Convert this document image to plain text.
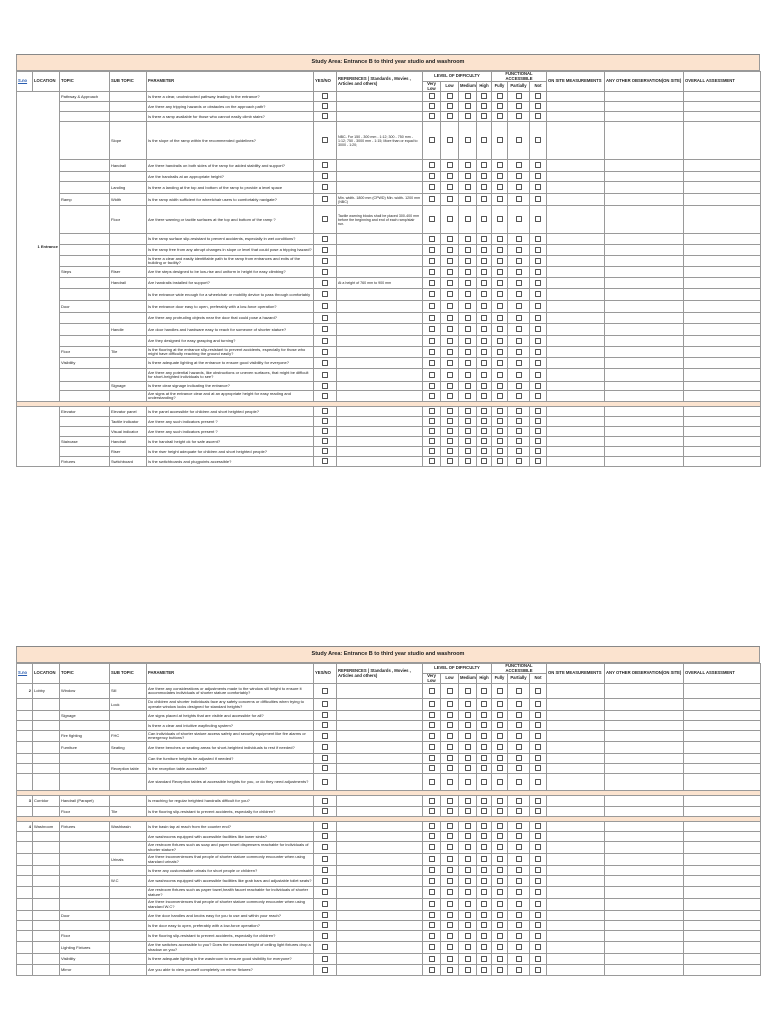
Study Area: Entrance B to third year studio and washroom
S.no	LOCATION	TOPIC	SUB TOPIC	PARAMETER	YES/NO	REFERENCES ( Standards , Movies , Articles and others)	LEVEL OF DIFFICULTY				FUNCTIONAL ACCESSIBLE			ON SITE MEASUREMENTS	ANY OTHER OBSERVATION(ON SITE)	OVERALL ASSESSMENT
							Very Low	Low	Medium	High	Fully	Partially	Not			
1 Entrance		Pathway & Approach		Is there a clear, unobstructed pathway leading to the entrance?												
				Are there any tripping hazards or obstacles on the approach path?												
				Is there a ramp available for those who cannot easily climb stairs?												
			Slope	Is the slope of the ramp within the recommended guidelines?		NBC- For 150 - 300 mm - 1:12; 300 - 750 mm - 1:12; 750 - 3000 mm - 1:15; More than or equal to 3000 - 1:20;										
			Handrail	Are there handrails on both sides of the ramp for added stability and support?												
				Are the handrails at an appropriate height?												
			Landing	Is there a landing at the top and bottom of the ramp to provide a level space												
		Ramp	Width	Is the ramp width sufficient for wheelchair users to comfortably navigate?		Min. width- 1800 mm (CPWD) Min. width- 1200 mm (NBC)										
			Floor	Are there warning or tactile surfaces at the top and bottom of the ramp ?		Tactile warning blocks shall be placed 300-400 mm before the beginning and end of each ramp/stair run.										
				Is the ramp surface slip-resistant to prevent accidents, especially in wet conditions?												
				Is the ramp free from any abrupt changes in slope or level that could pose a tripping hazard?												
				Is there a clear and easily identifiable path to the ramp from entrances and exits of the building or facility?												
		Steps	Riser	Are the steps designed to be low-rise and uniform in height for easy climbing?												
			Handrail	Are handrails installed for support?		At a height of 760 mm to 900 mm										
				Is the entrance wide enough for a wheelchair or mobility device to pass through comfortably												
		Door		Is the entrance door easy to open, preferably with a low-force operation?												
				Are there any protruding objects near the door that could pose a hazard?												
			Handle	Are door handles and hardware easy to reach for someone of shorter stature?												
				Are they designed for easy grasping and turning?												
		Floor	Tile	Is the flooring at the entrance slip-resistant to prevent accidents, especially for those who might have difficulty reaching the ground easily?												
		Visibility		Is there adequate lighting at the entrance to ensure good visibility for everyone?												
				Are there any potential hazards, like obstructions or uneven surfaces, that might be difficult for short-heighted individuals to see?												
			Signage	Is there clear signage indicating the entrance?												
				Are signs at the entrance clear and at an appropriate height for easy reading and understanding?												

		Elevator	Elevator panel	Is the panel accessible for children and short heighted people?												
			Tactile indicator	Are there any such indicators present ?												
			Visual indicator	Are there any such indicators present ?												
		Staircase	Handrail	Is the handrail height ok for safe ascent?												
			Riser	Is the riser height adequate for children and short heighted people?												
		Fixtures	Switchboard	Is the switchboards and plugpoints accessible?												
Study Area: Entrance B to third year studio and washroom
S.no	LOCATION	TOPIC	SUB TOPIC	PARAMETER	YES/NO	REFERENCES ( Standards , Movies , Articles and others)	LEVEL OF DIFFICULTY				FUNCTIONAL ACCESSIBLE			ON SITE MEASUREMENTS	ANY OTHER OBSERVATION(ON SITE)	OVERALL ASSESSMENT
							Very Low	Low	Medium	High	Fully	Partially	Not			
2	Lobby	Window	Sill	Are there any considerations or adjustments made to the window sill height to ensure it accommodates individuals of shorter stature comfortably?												
			Lock	Do children and shorter individuals face any safety concerns or difficulties when trying to operate window locks designed for standard heights?												
		Signage		Are signs placed at heights that are visible and accessible for all?												
				Is there a clear and intuitive wayfinding system?												
		Fire fighting	FHC	Can individuals of shorter stature access safety and security equipment like fire alarms or emergency buttons?												
		Furniture	Seating	Are there benches or seating areas for short-heighted individuals to rest if needed?												
				Can the furniture heights be adjusted if needed?												
			Reception table	Is the reception table accessible?												
				Are standard Reception tables at accessible heights for you, or do they need adjustments?												

3	Corridor	Handrail (Parapet)		Is reaching for regular heighted handrails difficult for you?												
		Floor	Tile	Is the flooring slip-resistant to prevent accidents, especially for children?												

4	Washroom	Fixtures	Washbasin	Is the basin tap at reach from the counter end?												
				Are washrooms equipped with accessible facilities like lower sinks?												
				Are restroom fixtures such as soap and paper towel dispensers reachable for individuals of shorter stature?												
			Urinals	Are there inconveniences that people of shorter stature commonly encounter when using standard urinals?												
				Is there any customisable urinals for short people or children?												
			W.C	Are washrooms equipped with accessible facilities like grab bars and adjustable toilet seats?												
				Are restroom fixtures such as paper towel,health faucet reachable for individuals of shorter stature?												
				Are there inconveniences that people of shorter stature commonly encounter when using standard W.C?												
		Door		Are the door handles and knobs easy for you to use and within your reach?												
				Is the door easy to open, preferably with a low-force operation?												
		Floor		Is the flooring slip-resistant to prevent accidents, especially for children?												
		Lighting Fixtures		Are the switches accessible to you? Does the increased height of ceiling light fixtures drop a shadow on you?												
		Visibility		Is there adequate lighting in the washroom to ensure good visibility for everyone?												
		Mirror		Are you able to view yourself completely on mirror fixtures?												
